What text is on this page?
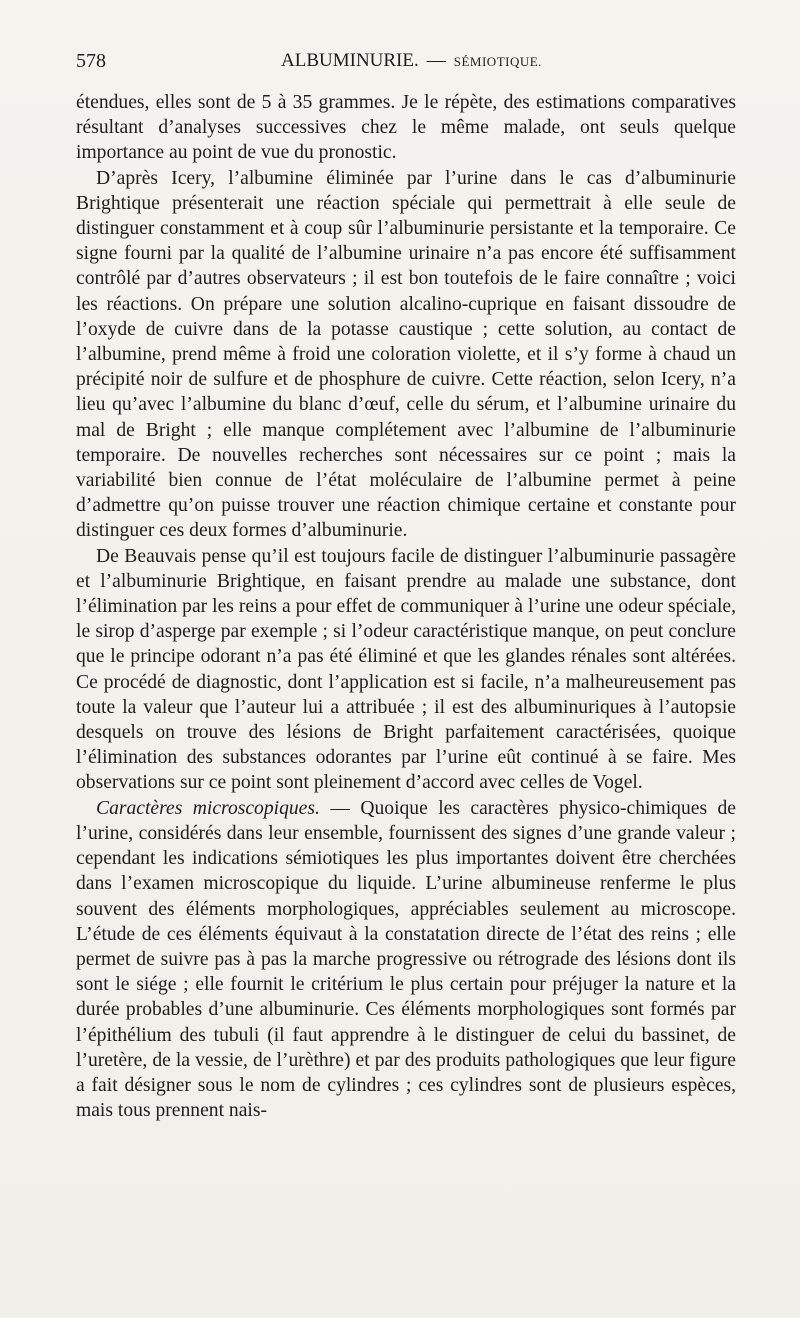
578	ALBUMINURIE. — SÉMIOTIQUE.

étendues, elles sont de 5 à 35 grammes. Je le répète, des estimations comparatives résultant d’analyses successives chez le même malade, ont seuls quelque importance au point de vue du pronostic.

D’après Icery, l’albumine éliminée par l’urine dans le cas d’albuminurie Brightique présenterait une réaction spéciale qui permettrait à elle seule de distinguer constamment et à coup sûr l’albuminurie persistante et la temporaire. Ce signe fourni par la qualité de l’albumine urinaire n’a pas encore été suffisamment contrôlé par d’autres observateurs ; il est bon toutefois de le faire connaître ; voici les réactions. On prépare une solution alcalino-cuprique en faisant dissoudre de l’oxyde de cuivre dans de la potasse caustique ; cette solution, au contact de l’albumine, prend même à froid une coloration violette, et il s’y forme à chaud un précipité noir de sulfure et de phosphure de cuivre. Cette réaction, selon Icery, n’a lieu qu’avec l’albumine du blanc d’œuf, celle du sérum, et l’albumine urinaire du mal de Bright ; elle manque complétement avec l’albumine de l’albuminurie temporaire. De nouvelles recherches sont nécessaires sur ce point ; mais la variabilité bien connue de l’état moléculaire de l’albumine permet à peine d’admettre qu’on puisse trouver une réaction chimique certaine et constante pour distinguer ces deux formes d’albuminurie.

De Beauvais pense qu’il est toujours facile de distinguer l’albuminurie passagère et l’albuminurie Brightique, en faisant prendre au malade une substance, dont l’élimination par les reins a pour effet de communiquer à l’urine une odeur spéciale, le sirop d’asperge par exemple ; si l’odeur caractéristique manque, on peut conclure que le principe odorant n’a pas été éliminé et que les glandes rénales sont altérées. Ce procédé de diagnostic, dont l’application est si facile, n’a malheureusement pas toute la valeur que l’auteur lui a attribuée ; il est des albuminuriques à l’autopsie desquels on trouve des lésions de Bright parfaitement caractérisées, quoique l’élimination des substances odorantes par l’urine eût continué à se faire. Mes observations sur ce point sont pleinement d’accord avec celles de Vogel.

Caractères microscopiques. — Quoique les caractères physico-chimiques de l’urine, considérés dans leur ensemble, fournissent des signes d’une grande valeur ; cependant les indications sémiotiques les plus importantes doivent être cherchées dans l’examen microscopique du liquide. L’urine albumineuse renferme le plus souvent des éléments morphologiques, appréciables seulement au microscope. L’étude de ces éléments équivaut à la constatation directe de l’état des reins ; elle permet de suivre pas à pas la marche progressive ou rétrograde des lésions dont ils sont le siége ; elle fournit le critérium le plus certain pour préjuger la nature et la durée probables d’une albuminurie. Ces éléments morphologiques sont formés par l’épithélium des tubuli (il faut apprendre à le distinguer de celui du bassinet, de l’uretère, de la vessie, de l’urèthre) et par des produits pathologiques que leur figure a fait désigner sous le nom de cylindres ; ces cylindres sont de plusieurs espèces, mais tous prennent nais-
